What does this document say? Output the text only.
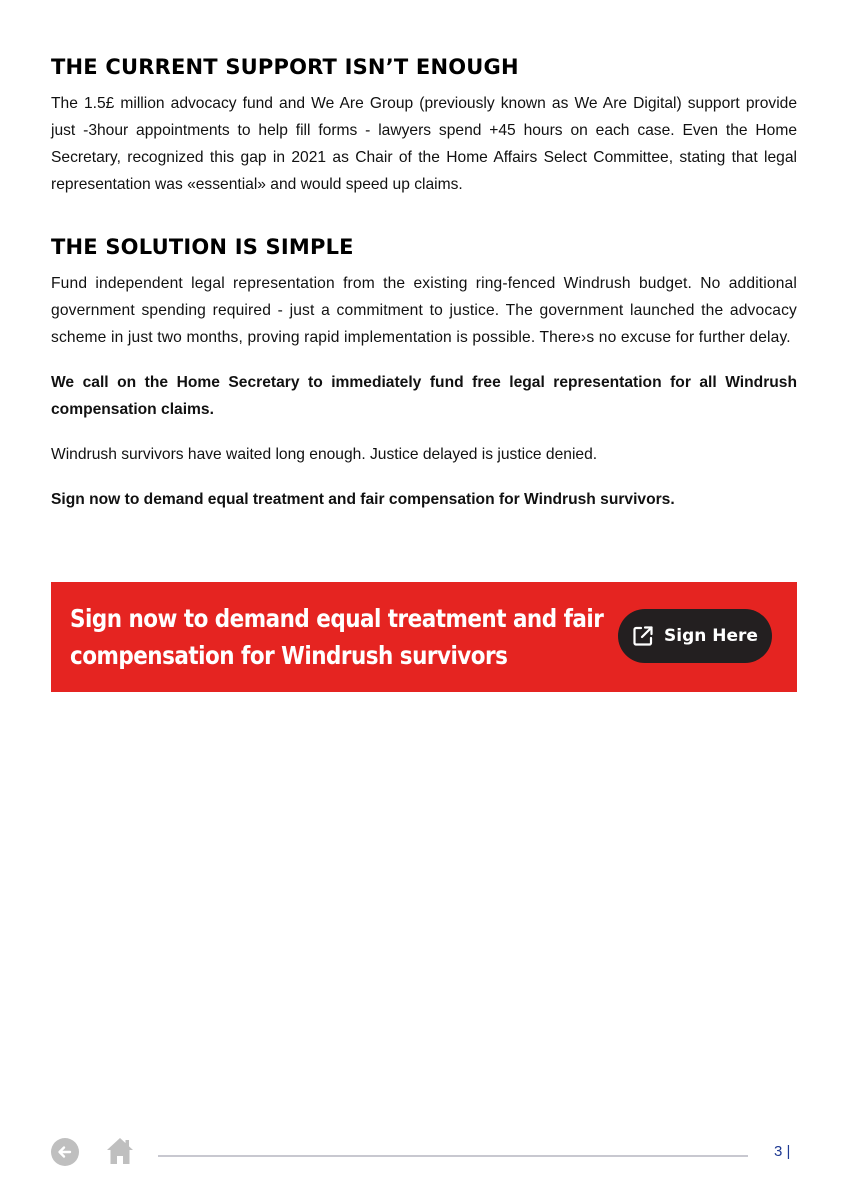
THE CURRENT SUPPORT ISN’T ENOUGH

The 1.5£ million advocacy fund and We Are Group (previously known as We Are Digital) support provide just -3hour appointments to help fill forms - lawyers spend +45 hours on each case. Even the Home Secretary, recognized this gap in 2021 as Chair of the Home Affairs Select Committee, stating that legal representation was «essential» and would speed up claims.

THE SOLUTION IS SIMPLE

Fund independent legal representation from the existing ring-fenced Windrush budget. No additional government spending required - just a commitment to justice. The government launched the advocacy scheme in just two months, proving rapid implementation is possible. There›s no excuse for further delay.

We call on the Home Secretary to immediately fund free legal representation for all Windrush compensation claims.

Windrush survivors have waited long enough. Justice delayed is justice denied.

Sign now to demand equal treatment and fair compensation for Windrush survivors.

Sign now to demand equal treatment and fair
compensation for Windrush survivors
Sign Here
3 |
